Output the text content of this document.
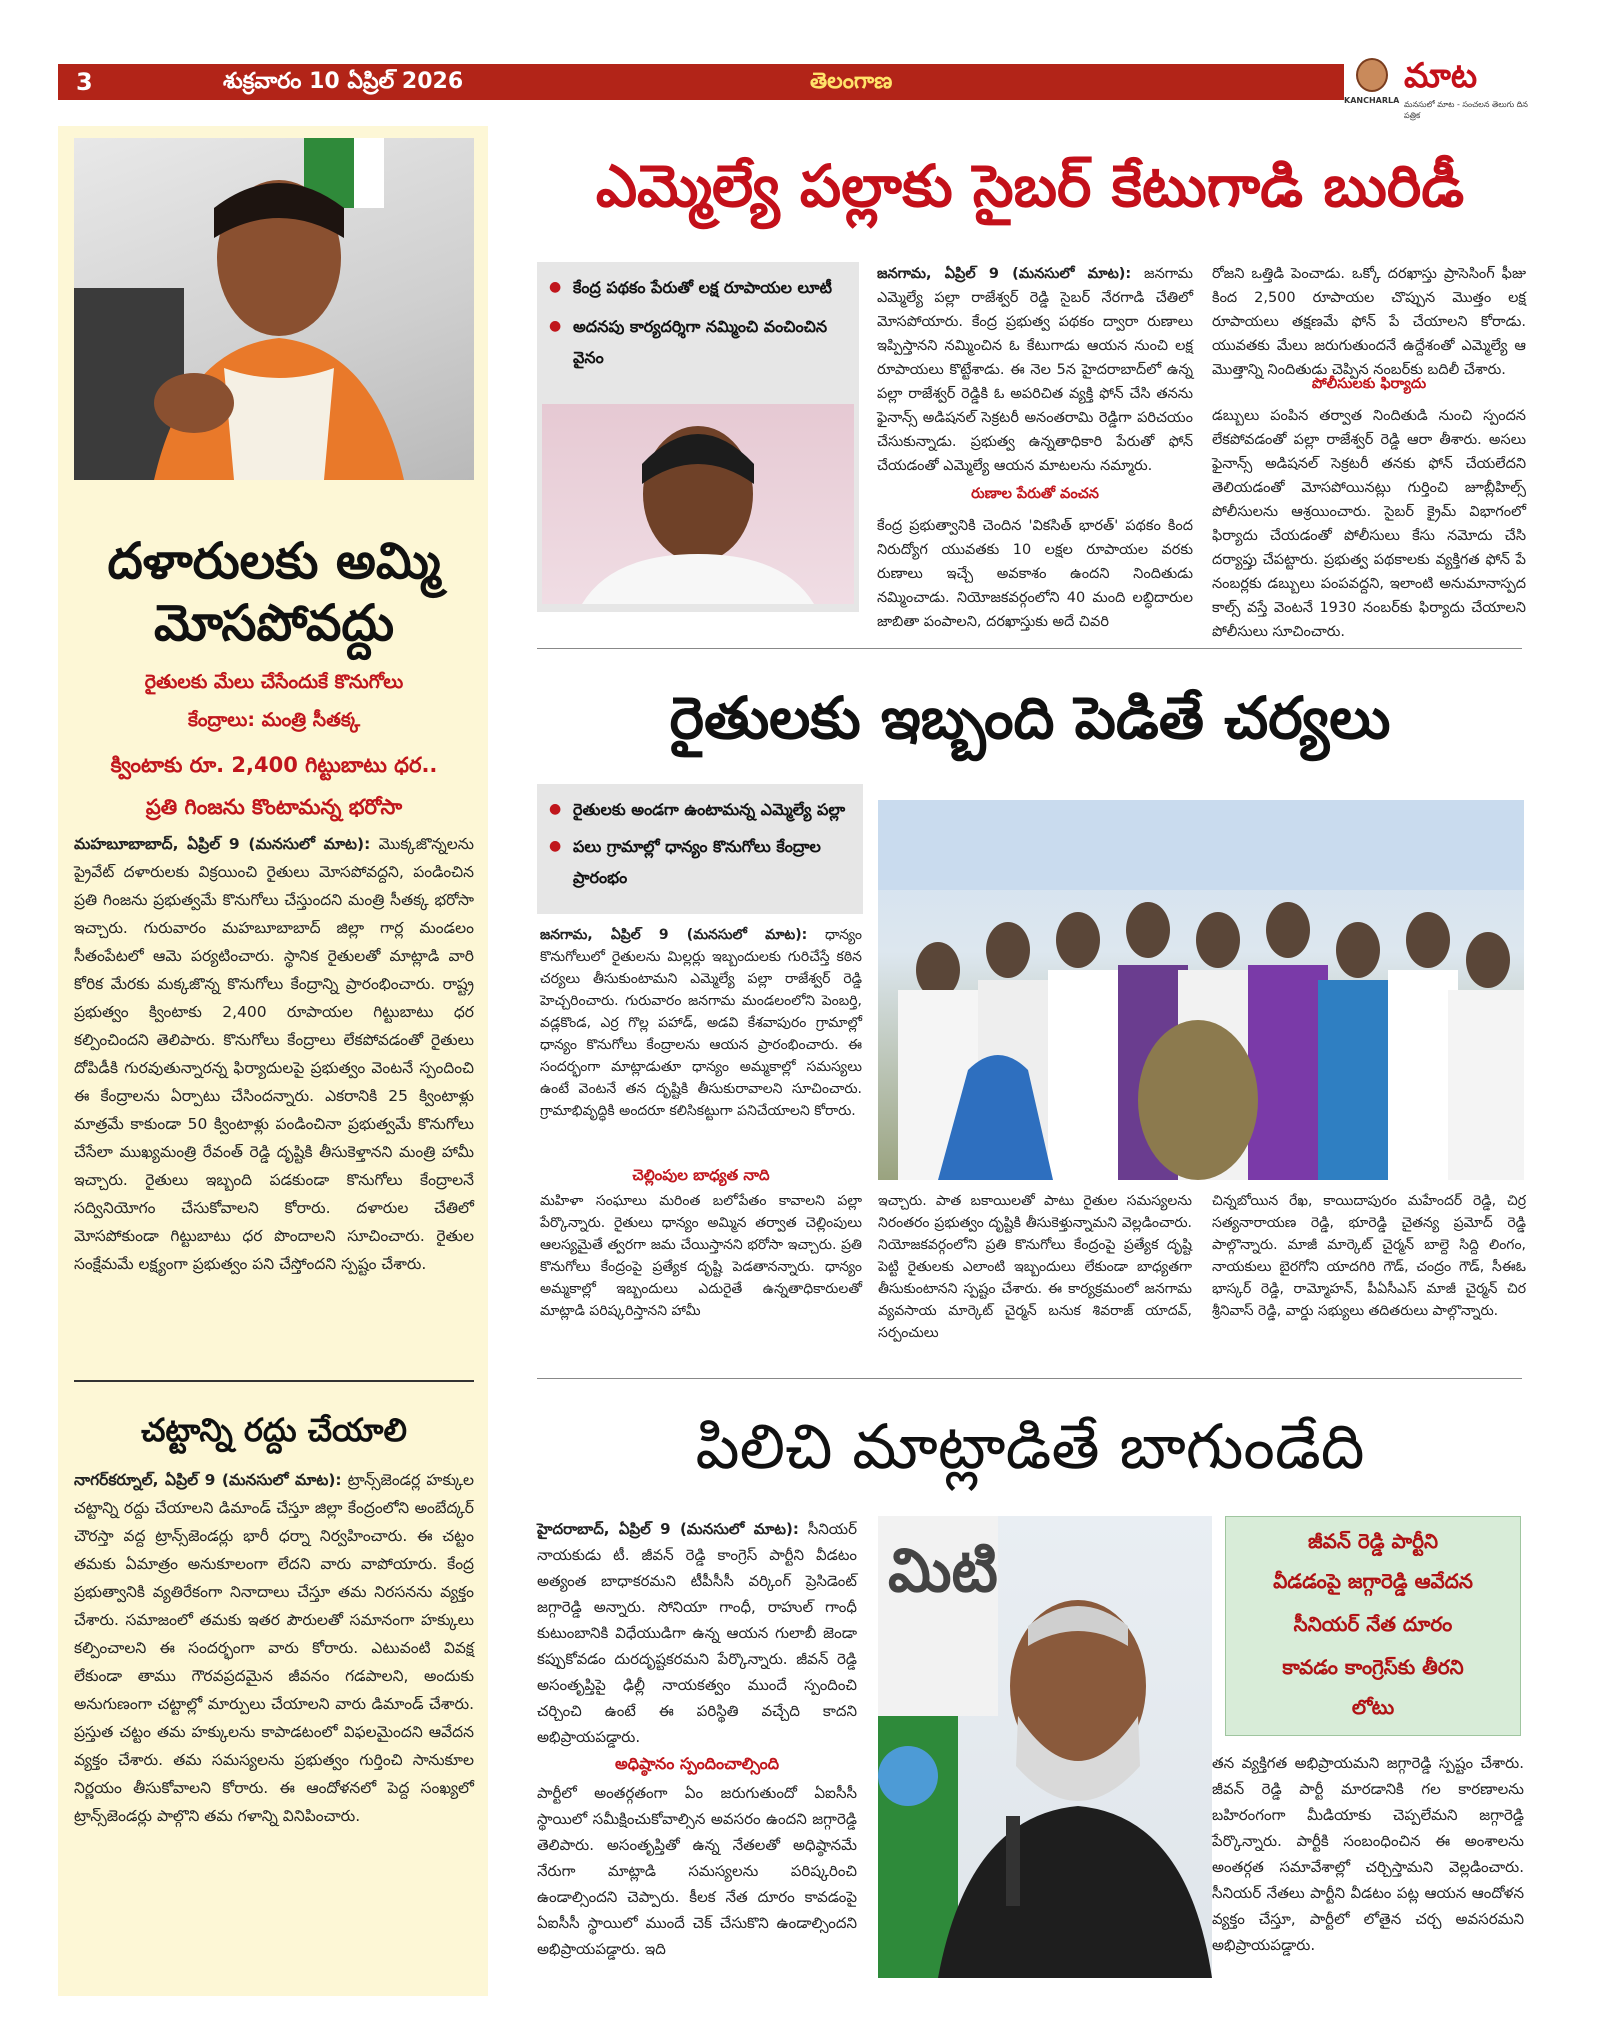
3	శుక్రవారం 10 ఏప్రిల్ 2026	తెలంగాణ
KANCHARLA
మాట
మనసులో మాట - సంచలన తెలుగు దిన పత్రిక
దళారులకు అమ్మి
మోసపోవద్దు
రైతులకు మేలు చేసేందుకే కొనుగోలు
కేంద్రాలు: మంత్రి సీతక్క
క్వింటాకు రూ. 2,400 గిట్టుబాటు ధర..
ప్రతి గింజను కొంటామన్న భరోసా
మహబూబాబాద్, ఏప్రిల్ 9 (మనసులో మాట): మొక్కజొన్నలను ప్రైవేట్ దళారులకు విక్రయించి రైతులు మోసపోవద్దని, పండించిన ప్రతి గింజను ప్రభుత్వమే కొనుగోలు చేస్తుందని మంత్రి సీతక్క భరోసా ఇచ్చారు. గురువారం మహబూబాబాద్ జిల్లా గార్ల మండలం సీతంపేటలో ఆమె పర్యటించారు. స్థానిక రైతులతో మాట్లాడి వారి కోరిక మేరకు మక్కజొన్న కొనుగోలు కేంద్రాన్ని ప్రారంభించారు. రాష్ట్ర ప్రభుత్వం క్వింటాకు 2,400 రూపాయల గిట్టుబాటు ధర కల్పించిందని తెలిపారు. కొనుగోలు కేంద్రాలు లేకపోవడంతో రైతులు దోపిడీకి గురవుతున్నారన్న ఫిర్యాదులపై ప్రభుత్వం వెంటనే స్పందించి ఈ కేంద్రాలను ఏర్పాటు చేసిందన్నారు. ఎకరానికి 25 క్వింటాళ్లు మాత్రమే కాకుండా 50 క్వింటాళ్లు పండించినా ప్రభుత్వమే కొనుగోలు చేసేలా ముఖ్యమంత్రి రేవంత్ రెడ్డి దృష్టికి తీసుకెళ్తానని మంత్రి హామీ ఇచ్చారు. రైతులు ఇబ్బంది పడకుండా కొనుగోలు కేంద్రాలనే సద్వినియోగం చేసుకోవాలని కోరారు. దళారుల చేతిలో మోసపోకుండా గిట్టుబాటు ధర పొందాలని సూచించారు. రైతుల సంక్షేమమే లక్ష్యంగా ప్రభుత్వం పని చేస్తోందని స్పష్టం చేశారు.
చట్టాన్ని రద్దు చేయాలి
నాగర్‌కర్నూల్, ఏప్రిల్ 9 (మనసులో మాట): ట్రాన్స్‌జెండర్ల హక్కుల చట్టాన్ని రద్దు చేయాలని డిమాండ్ చేస్తూ జిల్లా కేంద్రంలోని అంబేద్కర్ చౌరస్తా వద్ద ట్రాన్స్‌జెండర్లు భారీ ధర్నా నిర్వహించారు. ఈ చట్టం తమకు ఏమాత్రం అనుకూలంగా లేదని వారు వాపోయారు. కేంద్ర ప్రభుత్వానికి వ్యతిరేకంగా నినాదాలు చేస్తూ తమ నిరసనను వ్యక్తం చేశారు. సమాజంలో తమకు ఇతర పౌరులతో సమానంగా హక్కులు కల్పించాలని ఈ సందర్భంగా వారు కోరారు. ఎటువంటి వివక్ష లేకుండా తాము గౌరవప్రదమైన జీవనం గడపాలని, అందుకు అనుగుణంగా చట్టాల్లో మార్పులు చేయాలని వారు డిమాండ్ చేశారు. ప్రస్తుత చట్టం తమ హక్కులను కాపాడటంలో విఫలమైందని ఆవేదన వ్యక్తం చేశారు. తమ సమస్యలను ప్రభుత్వం గుర్తించి సానుకూల నిర్ణయం తీసుకోవాలని కోరారు. ఈ ఆందోళనలో పెద్ద సంఖ్యలో ట్రాన్స్‌జెండర్లు పాల్గొని తమ గళాన్ని వినిపించారు.
ఎమ్మెల్యే పల్లాకు సైబర్ కేటుగాడి బురిడీ
● కేంద్ర పథకం పేరుతో లక్ష రూపాయల లూటీ
● అదనపు కార్యదర్శిగా నమ్మించి వంచించిన వైనం
జనగామ, ఏప్రిల్ 9 (మనసులో మాట): జనగామ ఎమ్మెల్యే పల్లా రాజేశ్వర్ రెడ్డి సైబర్ నేరగాడి చేతిలో మోసపోయారు. కేంద్ర ప్రభుత్వ పథకం ద్వారా రుణాలు ఇప్పిస్తానని నమ్మించిన ఓ కేటుగాడు ఆయన నుంచి లక్ష రూపాయలు కొట్టేశాడు. ఈ నెల 5న హైదరాబాద్‌లో ఉన్న పల్లా రాజేశ్వర్ రెడ్డికి ఓ అపరిచిత వ్యక్తి ఫోన్ చేసి తనను ఫైనాన్స్ అడిషనల్ సెక్రటరీ అనంతరామి రెడ్డిగా పరిచయం చేసుకున్నాడు. ప్రభుత్వ ఉన్నతాధికారి పేరుతో ఫోన్ చేయడంతో ఎమ్మెల్యే ఆయన మాటలను నమ్మారు.
రుణాల పేరుతో వంచన
కేంద్ర ప్రభుత్వానికి చెందిన 'వికసిత్ భారత్' పథకం కింద నిరుద్యోగ యువతకు 10 లక్షల రూపాయల వరకు రుణాలు ఇచ్చే అవకాశం ఉందని నిందితుడు నమ్మించాడు. నియోజకవర్గంలోని 40 మంది లబ్ధిదారుల జాబితా పంపాలని, దరఖాస్తుకు అదే చివరి
రోజని ఒత్తిడి పెంచాడు. ఒక్కో దరఖాస్తు ప్రాసెసింగ్ ఫీజు కింద 2,500 రూపాయల చొప్పున మొత్తం లక్ష రూపాయలు తక్షణమే ఫోన్ పే చేయాలని కోరాడు. యువతకు మేలు జరుగుతుందనే ఉద్దేశంతో ఎమ్మెల్యే ఆ మొత్తాన్ని నిందితుడు చెప్పిన నంబర్‌కు బదిలీ చేశారు.
పోలీసులకు ఫిర్యాదు
డబ్బులు పంపిన తర్వాత నిందితుడి నుంచి స్పందన లేకపోవడంతో పల్లా రాజేశ్వర్ రెడ్డి ఆరా తీశారు. అసలు ఫైనాన్స్ అడిషనల్ సెక్రటరీ తనకు ఫోన్ చేయలేదని తెలియడంతో మోసపోయినట్లు గుర్తించి జూబ్లీహిల్స్ పోలీసులను ఆశ్రయించారు. సైబర్ క్రైమ్ విభాగంలో ఫిర్యాదు చేయడంతో పోలీసులు కేసు నమోదు చేసి దర్యాప్తు చేపట్టారు. ప్రభుత్వ పథకాలకు వ్యక్తిగత ఫోన్ పే నంబర్లకు డబ్బులు పంపవద్దని, ఇలాంటి అనుమానాస్పద కాల్స్ వస్తే వెంటనే 1930 నంబర్‌కు ఫిర్యాదు చేయాలని పోలీసులు సూచించారు.
రైతులకు ఇబ్బంది పెడితే చర్యలు
● రైతులకు అండగా ఉంటామన్న ఎమ్మెల్యే పల్లా
● పలు గ్రామాల్లో ధాన్యం కొనుగోలు కేంద్రాల ప్రారంభం
జనగామ, ఏప్రిల్ 9 (మనసులో మాట): ధాన్యం కొనుగోలులో రైతులను మిల్లర్లు ఇబ్బందులకు గురిచేస్తే కఠిన చర్యలు తీసుకుంటామని ఎమ్మెల్యే పల్లా రాజేశ్వర్ రెడ్డి హెచ్చరించారు. గురువారం జనగామ మండలంలోని పెంబర్తి, వడ్లకొండ, ఎర్ర గొల్ల పహాడ్, అడవి కేశవాపురం గ్రామాల్లో ధాన్యం కొనుగోలు కేంద్రాలను ఆయన ప్రారంభించారు. ఈ సందర్భంగా మాట్లాడుతూ ధాన్యం అమ్మకాల్లో సమస్యలు ఉంటే వెంటనే తన దృష్టికి తీసుకురావాలని సూచించారు. గ్రామాభివృద్ధికి అందరూ కలిసికట్టుగా పనిచేయాలని కోరారు.
చెల్లింపుల బాధ్యత నాది
మహిళా సంఘాలు మరింత బలోపేతం కావాలని పల్లా పేర్కొన్నారు. రైతులు ధాన్యం అమ్మిన తర్వాత చెల్లింపులు ఆలస్యమైతే త్వరగా జమ చేయిస్తానని భరోసా ఇచ్చారు. ప్రతి కొనుగోలు కేంద్రంపై ప్రత్యేక దృష్టి పెడతానన్నారు. ధాన్యం అమ్మకాల్లో ఇబ్బందులు ఎదురైతే ఉన్నతాధికారులతో మాట్లాడి పరిష్కరిస్తానని హామీ
ఇచ్చారు. పాత బకాయిలతో పాటు రైతుల సమస్యలను నిరంతరం ప్రభుత్వం దృష్టికి తీసుకెళ్తున్నామని వెల్లడించారు. నియోజకవర్గంలోని ప్రతి కొనుగోలు కేంద్రంపై ప్రత్యేక దృష్టి పెట్టి రైతులకు ఎలాంటి ఇబ్బందులు లేకుండా బాధ్యతగా తీసుకుంటానని స్పష్టం చేశారు. ఈ కార్యక్రమంలో జనగామ వ్యవసాయ మార్కెట్ చైర్మన్ బనుక శివరాజ్ యాదవ్, సర్పంచులు
చిన్నబోయిన రేఖ, కాయిదాపురం మహేందర్ రెడ్డి, చిర్ర సత్యనారాయణ రెడ్డి, భూరెడ్డి చైతన్య ప్రమోద్ రెడ్డి పాల్గొన్నారు. మాజీ మార్కెట్ చైర్మన్ బాల్దె సిద్ది లింగం, నాయకులు బైరగోని యాదగిరి గౌడ్, చంద్రం గౌడ్, సీఈఓ భాస్కర్ రెడ్డి, రామ్మోహన్, పీఏసీఎస్ మాజీ చైర్మన్ చిర శ్రీనివాస్ రెడ్డి, వార్డు సభ్యులు తదితరులు పాల్గొన్నారు.
పిలిచి మాట్లాడితే బాగుండేది
హైదరాబాద్, ఏప్రిల్ 9 (మనసులో మాట): సీనియర్ నాయకుడు టీ. జీవన్ రెడ్డి కాంగ్రెస్ పార్టీని వీడటం అత్యంత బాధాకరమని టీపీసీసీ వర్కింగ్ ప్రెసిడెంట్ జగ్గారెడ్డి అన్నారు. సోనియా గాంధీ, రాహుల్ గాంధీ కుటుంబానికి విధేయుడిగా ఉన్న ఆయన గులాబీ జెండా కప్పుకోవడం దురదృష్టకరమని పేర్కొన్నారు. జీవన్ రెడ్డి అసంతృప్తిపై ఢిల్లీ నాయకత్వం ముందే స్పందించి చర్చించి ఉంటే ఈ పరిస్థితి వచ్చేది కాదని అభిప్రాయపడ్డారు.
అధిష్ఠానం స్పందించాల్సింది
పార్టీలో అంతర్గతంగా ఏం జరుగుతుందో ఏఐసీసీ స్థాయిలో సమీక్షించుకోవాల్సిన అవసరం ఉందని జగ్గారెడ్డి తెలిపారు. అసంతృప్తితో ఉన్న నేతలతో అధిష్ఠానమే నేరుగా మాట్లాడి సమస్యలను పరిష్కరించి ఉండాల్సిందని చెప్పారు. కీలక నేత దూరం కావడంపై ఏఐసీసీ స్థాయిలో ముందే చెక్ చేసుకొని ఉండాల్సిందని అభిప్రాయపడ్డారు. ఇది
మిటి	జీవన్ రెడ్డి పార్టీని
వీడడంపై జగ్గారెడ్డి ఆవేదన
సీనియర్ నేత దూరం
కావడం కాంగ్రెస్‌కు తీరని
లోటు
తన వ్యక్తిగత అభిప్రాయమని జగ్గారెడ్డి స్పష్టం చేశారు. జీవన్ రెడ్డి పార్టీ మారడానికి గల కారణాలను బహిరంగంగా మీడియాకు చెప్పలేమని జగ్గారెడ్డి పేర్కొన్నారు. పార్టీకి సంబంధించిన ఈ అంశాలను అంతర్గత సమావేశాల్లో చర్చిస్తామని వెల్లడించారు. సీనియర్ నేతలు పార్టీని వీడటం పట్ల ఆయన ఆందోళన వ్యక్తం చేస్తూ, పార్టీలో లోతైన చర్చ అవసరమని అభిప్రాయపడ్డారు.
